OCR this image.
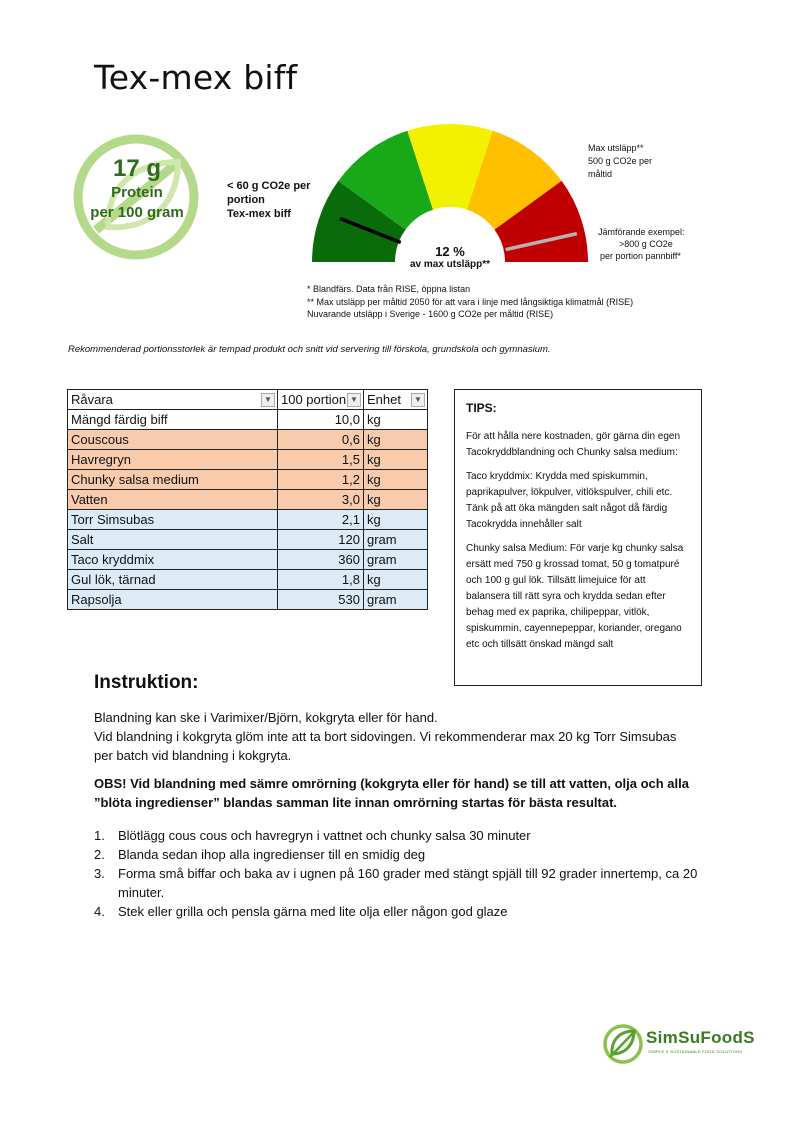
Tex-mex biff
17 g
Protein
per 100 gram
< 60 g CO2e per
portion
Tex-mex biff
12 %
av max utsläpp**
Max utsläpp**
500 g CO2e per
måltid
Jämförande exempel:
>800 g CO2e
per portion pannbiff*
* Blandfärs. Data från RISE, öppna listan
** Max utsläpp per måltid 2050 för att vara i linje med långsiktiga klimatmål (RISE)
Nuvarande utsläpp i Sverige - 1600 g CO2e per måltid (RISE)
Rekommenderad portionsstorlek är tempad produkt och snitt vid servering till förskola, grundskola och gymnasium.
Råvara ▼	100 portion ▼	Enhet ▼

Mängd färdig biff	10,0	kg
Couscous	0,6	kg
Havregryn	1,5	kg
Chunky salsa medium	1,2	kg
Vatten	3,0	kg
Torr Simsubas	2,1	kg
Salt	120	gram
Taco kryddmix	360	gram
Gul lök, tärnad	1,8	kg
Rapsolja	530	gram
TIPS:

För att hålla nere kostnaden, gör gärna din egen Tacokryddblandning och Chunky salsa medium:

Taco kryddmix: Krydda med spiskummin, paprikapulver, lökpulver, vitlökspulver, chili etc. Tänk på att öka mängden salt något då färdig Tacokrydda innehåller salt

Chunky salsa Medium: För varje kg chunky salsa ersätt med 750 g krossad tomat, 50 g tomatpuré och 100 g gul lök. Tillsätt limejuice för att balansera till rätt syra och krydda sedan efter behag med ex paprika, chilipeppar, vitlök, spiskummin, cayennepeppar, koriander, oregano etc och tillsätt önskad mängd salt

Instruktion:

Blandning kan ske i Varimixer/Björn, kokgryta eller för hand.
Vid blandning i kokgryta glöm inte att ta bort sidovingen. Vi rekommenderar max 20 kg Torr Simsubas per batch vid blandning i kokgryta.

OBS! Vid blandning med sämre omrörning (kokgryta eller för hand) se till att vatten, olja och alla ”blöta ingredienser” blandas samman lite innan omrörning startas för bästa resultat.

1.	Blötlägg cous cous och havregryn i vattnet och chunky salsa 30 minuter
2.	Blanda sedan ihop alla ingredienser till en smidig deg
3.	Forma små biffar och baka av i ugnen på 160 grader med stängt spjäll till 92 grader innertemp, ca 20 minuter.
4.	Stek eller grilla och pensla gärna med lite olja eller någon god glaze
SimSuFoodS
SIMPLE X SUSTAINABLE FOOD SOLUTIONS
